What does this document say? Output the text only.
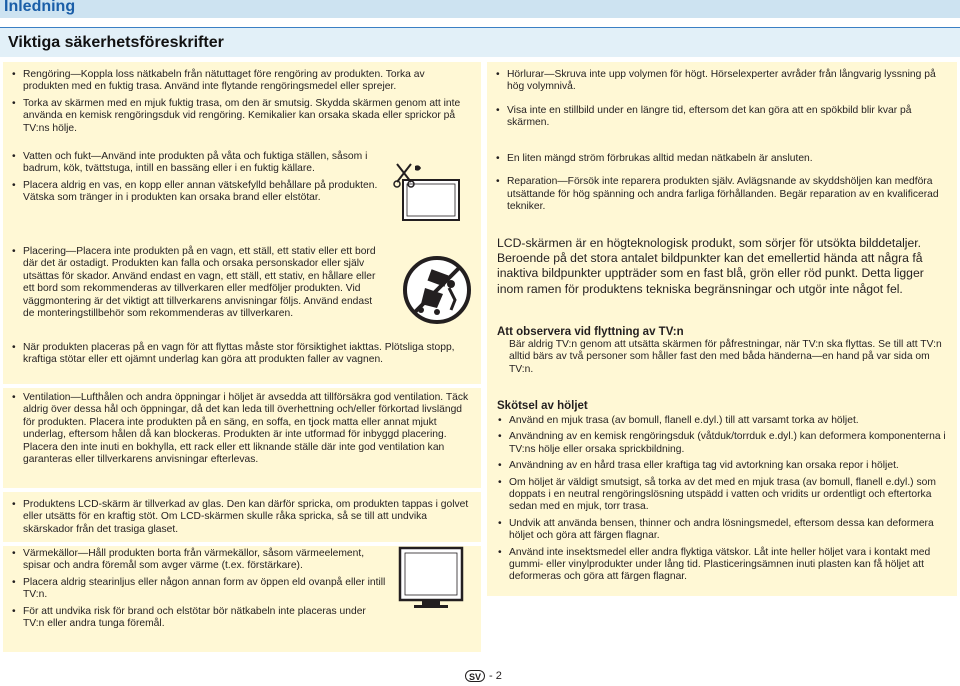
Inledning
Viktiga säkerhetsföreskrifter
• Rengöring—Koppla loss nätkabeln från nätuttaget före rengöring av produkten. Torka av produkten med en fuktig trasa. Använd inte flytande rengöringsmedel eller sprejer.
• Torka av skärmen med en mjuk fuktig trasa, om den är smutsig. Skydda skärmen genom att inte använda en kemisk rengöringsduk vid rengöring. Kemikalier kan orsaka skada eller sprickor på TV:ns hölje.
• Vatten och fukt—Använd inte produkten på våta och fuktiga ställen, såsom i badrum, kök, tvättstuga, intill en bassäng eller i en fuktig källare.
• Placera aldrig en vas, en kopp eller annan vätskefylld behållare på produkten. Vätska som tränger in i produkten kan orsaka brand eller elstötar.
• Placering—Placera inte produkten på en vagn, ett ställ, ett stativ eller ett bord där det är ostadigt. Produkten kan falla och orsaka personskador eller själv utsättas för skador. Använd endast en vagn, ett ställ, ett stativ, en hållare eller ett bord som rekommenderas av tillverkaren eller medföljer produkten. Vid väggmontering är det viktigt att tillverkarens anvisningar följs. Använd endast de monteringstillbehör som rekommenderas av tillverkaren.
• När produkten placeras på en vagn för att flyttas måste stor försiktighet iakttas. Plötsliga stopp, kraftiga stötar eller ett ojämnt underlag kan göra att produkten faller av vagnen.
• Ventilation—Lufthålen och andra öppningar i höljet är avsedda att tillförsäkra god ventilation. Täck aldrig över dessa hål och öppningar, då det kan leda till överhettning och/eller förkortad livslängd för produkten. Placera inte produkten på en säng, en soffa, en tjock matta eller annat mjukt underlag, eftersom hålen då kan blockeras. Produkten är inte utformad för inbyggd placering. Placera den inte inuti en bokhylla, ett rack eller ett liknande ställe där inte god ventilation kan garanteras eller tillverkarens anvisningar efterlevas.
• Produktens LCD-skärm är tillverkad av glas. Den kan därför spricka, om produkten tappas i golvet eller utsätts för en kraftig stöt. Om LCD-skärmen skulle råka spricka, så se till att undvika skärskador från det trasiga glaset.
• Värmekällor—Håll produkten borta från värmekällor, såsom värmeelement, spisar och andra föremål som avger värme (t.ex. förstärkare).
• Placera aldrig stearinljus eller någon annan form av öppen eld ovanpå eller intill TV:n.
• För att undvika risk för brand och elstötar bör nätkabeln inte placeras under TV:n eller andra tunga föremål.
• Hörlurar—Skruva inte upp volymen för högt. Hörselexperter avråder från långvarig lyssning på hög volymnivå.
• Visa inte en stillbild under en längre tid, eftersom det kan göra att en spökbild blir kvar på skärmen.
• En liten mängd ström förbrukas alltid medan nätkabeln är ansluten.
• Reparation—Försök inte reparera produkten själv. Avlägsnande av skyddshöljen kan medföra utsättande för hög spänning och andra farliga förhållanden. Begär reparation av en kvalificerad tekniker.

LCD-skärmen är en högteknologisk produkt, som sörjer för utsökta bilddetaljer. Beroende på det stora antalet bildpunkter kan det emellertid hända att några få inaktiva bildpunkter uppträder som en fast blå, grön eller röd punkt. Detta ligger inom ramen för produktens tekniska begränsningar och utgör inte något fel.

Att observera vid flyttning av TV:n

Bär aldrig TV:n genom att utsätta skärmen för påfrestningar, när TV:n ska flyttas. Se till att TV:n alltid bärs av två personer som håller fast den med båda händerna—en hand på var sida om TV:n.

Skötsel av höljet

• Använd en mjuk trasa (av bomull, flanell e.dyl.) till att varsamt torka av höljet.
• Användning av en kemisk rengöringsduk (våtduk/torrduk e.dyl.) kan deformera komponenterna i TV:ns hölje eller orsaka sprickbildning.
• Användning av en hård trasa eller kraftiga tag vid avtorkning kan orsaka repor i höljet.
• Om höljet är väldigt smutsigt, så torka av det med en mjuk trasa (av bomull, flanell e.dyl.) som doppats i en neutral rengöringslösning utspädd i vatten och vridits ur ordentligt och eftertorka sedan med en mjuk, torr trasa.
• Undvik att använda bensen, thinner och andra lösningsmedel, eftersom dessa kan deformera höljet och göra att färgen flagnar.
• Använd inte insektsmedel eller andra flyktiga vätskor. Låt inte heller höljet vara i kontakt med gummi- eller vinylprodukter under lång tid. Plasticeringsämnen inuti plasten kan få höljet att deformeras och göra att färgen flagnar.
SV - 2
